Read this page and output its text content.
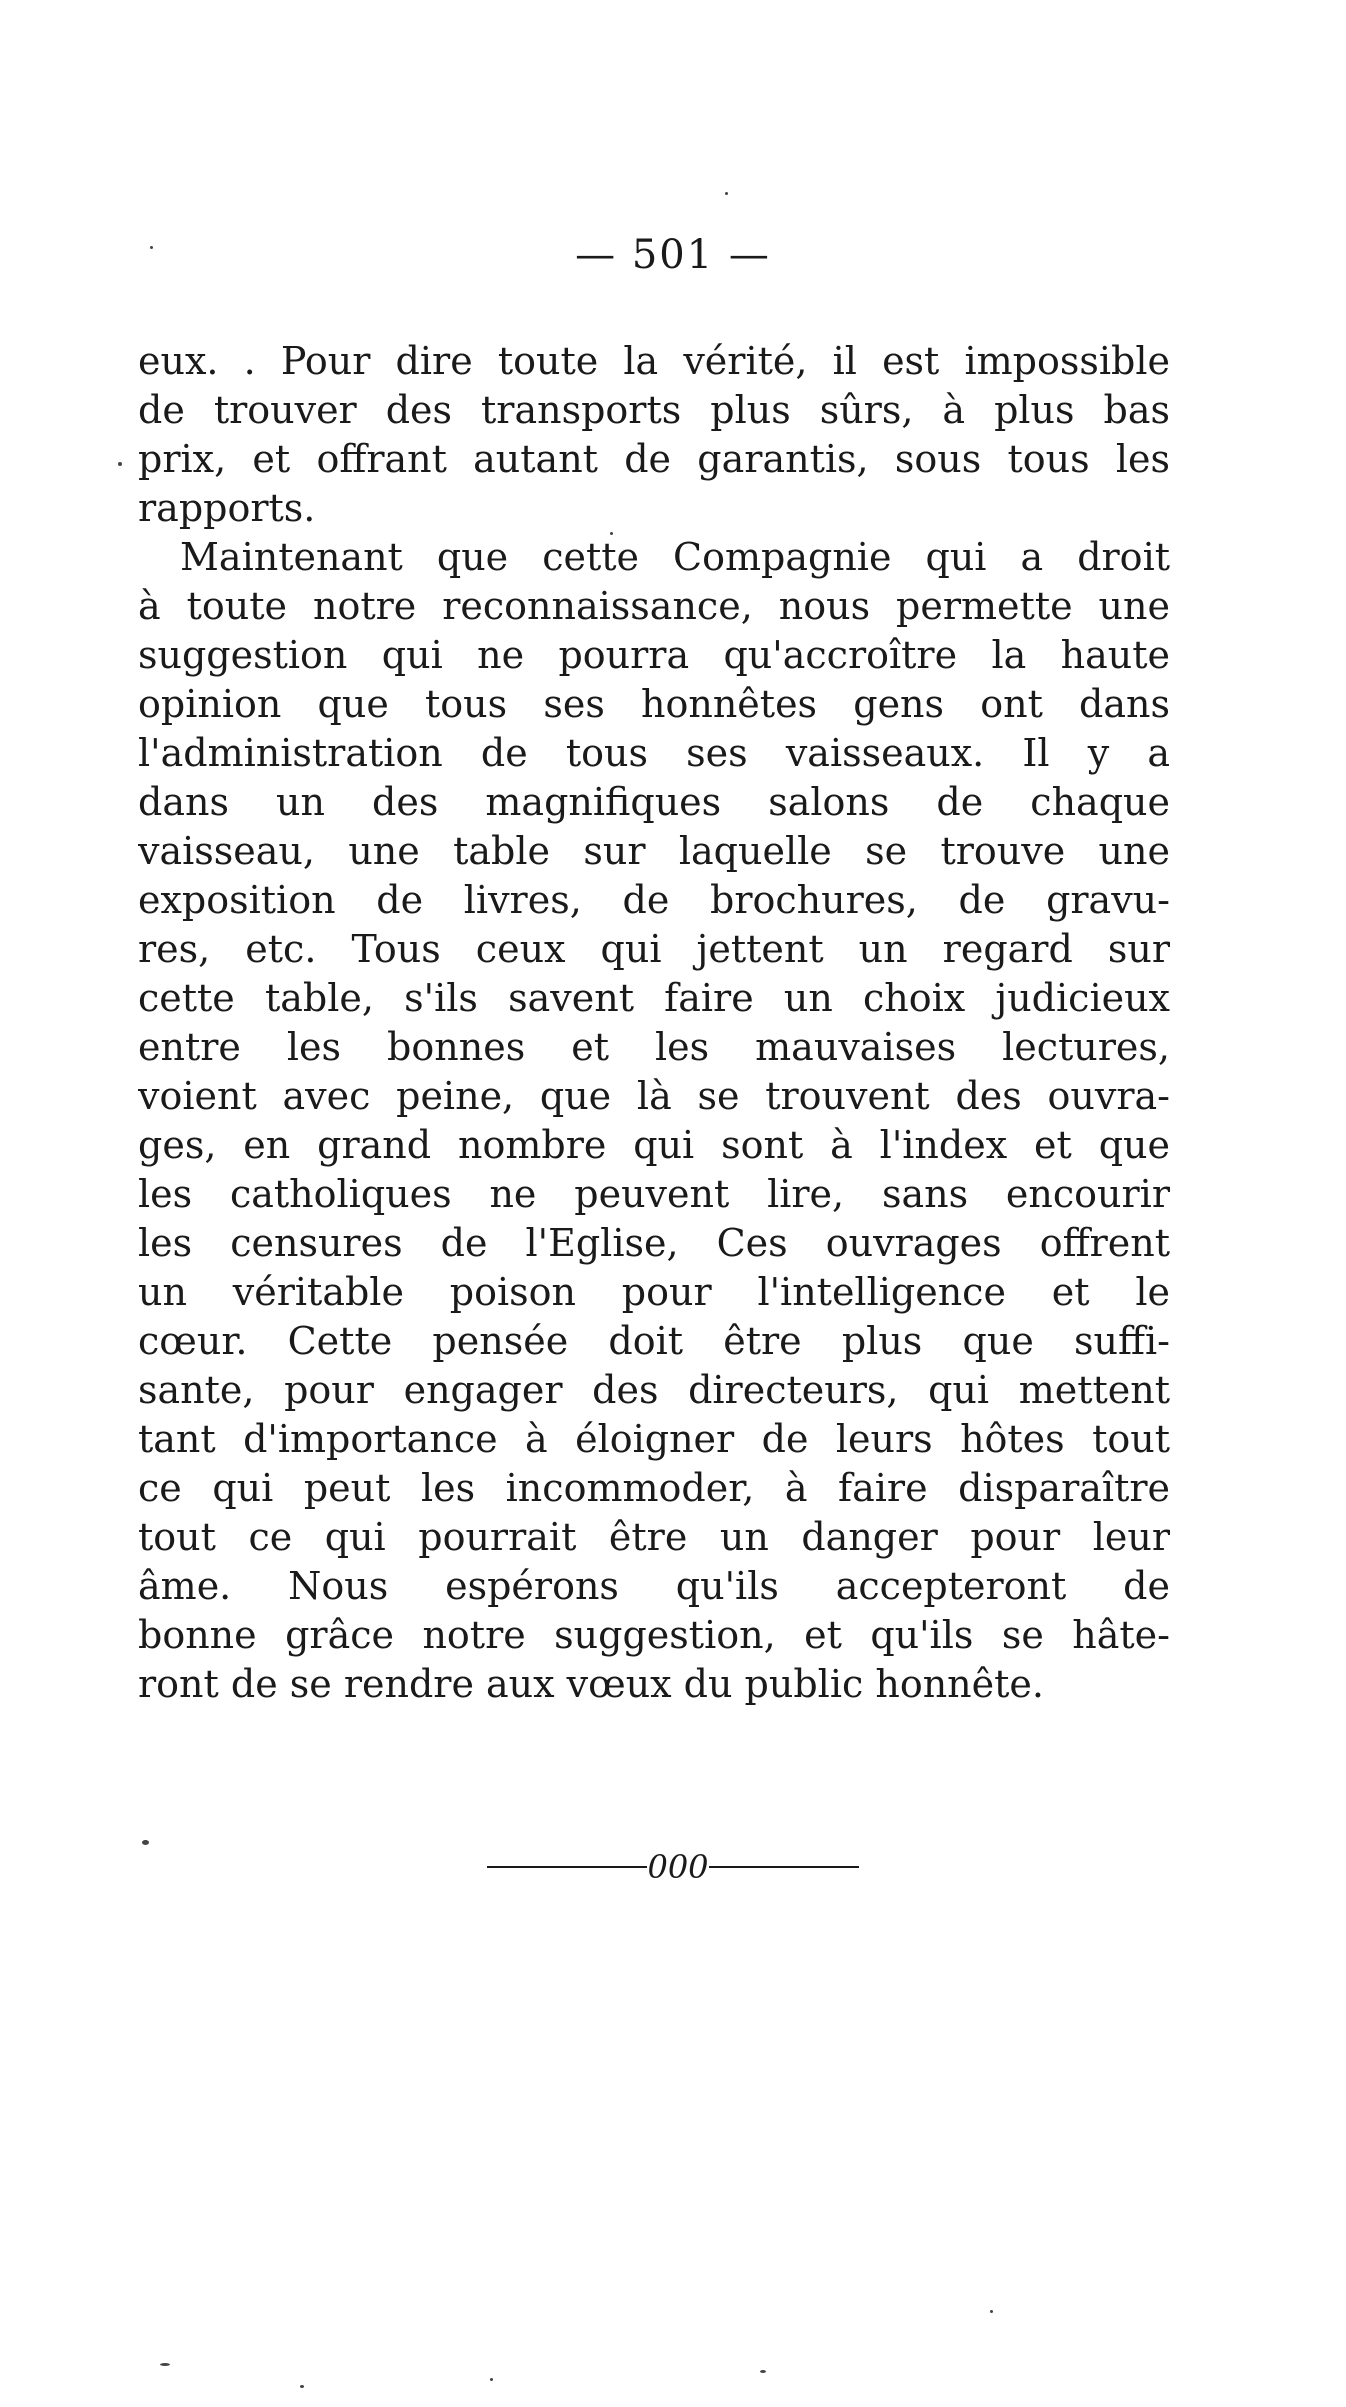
— 501 —
eux. . Pour dire toute la vérité, il est impossible
de trouver des transports plus sûrs, à plus bas
prix, et offrant autant de garantis, sous tous les
rapports.
Maintenant que cette Compagnie qui a droit
à toute notre reconnaissance, nous permette une
suggestion qui ne pourra qu'accroître la haute
opinion que tous ses honnêtes gens ont dans
l'administration de tous ses vaisseaux. Il y a
dans un des magnifiques salons de chaque
vaisseau, une table sur laquelle se trouve une
exposition de livres, de brochures, de gravu-
res, etc. Tous ceux qui jettent un regard sur
cette table, s'ils savent faire un choix judicieux
entre les bonnes et les mauvaises lectures,
voient avec peine, que là se trouvent des ouvra-
ges, en grand nombre qui sont à l'index et que
les catholiques ne peuvent lire, sans encourir
les censures de l'Eglise, Ces ouvrages offrent
un véritable poison pour l'intelligence et le
cœur. Cette pensée doit être plus que suffi-
sante, pour engager des directeurs, qui mettent
tant d'importance à éloigner de leurs hôtes tout
ce qui peut les incommoder, à faire disparaître
tout ce qui pourrait être un danger pour leur
âme. Nous espérons qu'ils accepteront de
bonne grâce notre suggestion, et qu'ils se hâte-
ront de se rendre aux vœux du public honnête.
000
